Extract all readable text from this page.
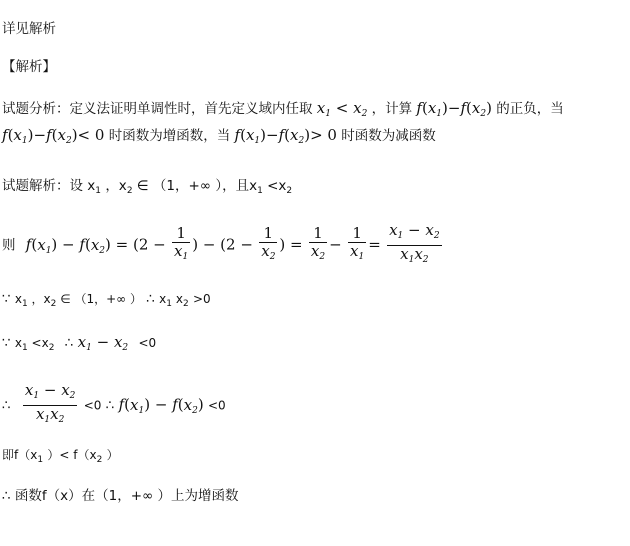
详见解析
【解析】
试题分析：定义法证明单调性时，首先定义域内任取 $x_1 < x_2$ ，计算 $f(x_1)-f(x_2)$ 的正负，当
$f(x_1)-f(x_2)< 0$ 时函数为增函数，当 $f(x_1)-f(x_2)> 0$ 时函数为减函数
试题解析：设 $x_1$ ，$x_2$ ∈ （1，+∞ ），且$x_1 <x_2$
则 $f(x_1) - f(x_2) = (2 - \frac{1}{x_1}$ ) − ($2 - \frac{1}{x_2}$ ) = $\frac{1}{x_2} - \frac{1}{x_1} = \frac{x_1 - x_2}{x_1x_2}$
∵ $x_1$ ，$x_2$ ∈ （1，+∞ ） ∴ $x_1$ $x_2 >0$
∵ $x_1 <x_2$ ∴ $x_1 - x_2 <0$
∴ $\frac{x_1 - x_2}{x_1x_2} <0$ ∴ $f(x_1) - f(x_2) <0$
即$f(x_1$ ）< $f(x_2$ ）
∴ 函数f（x）在（1，+∞ ）上为增函数
